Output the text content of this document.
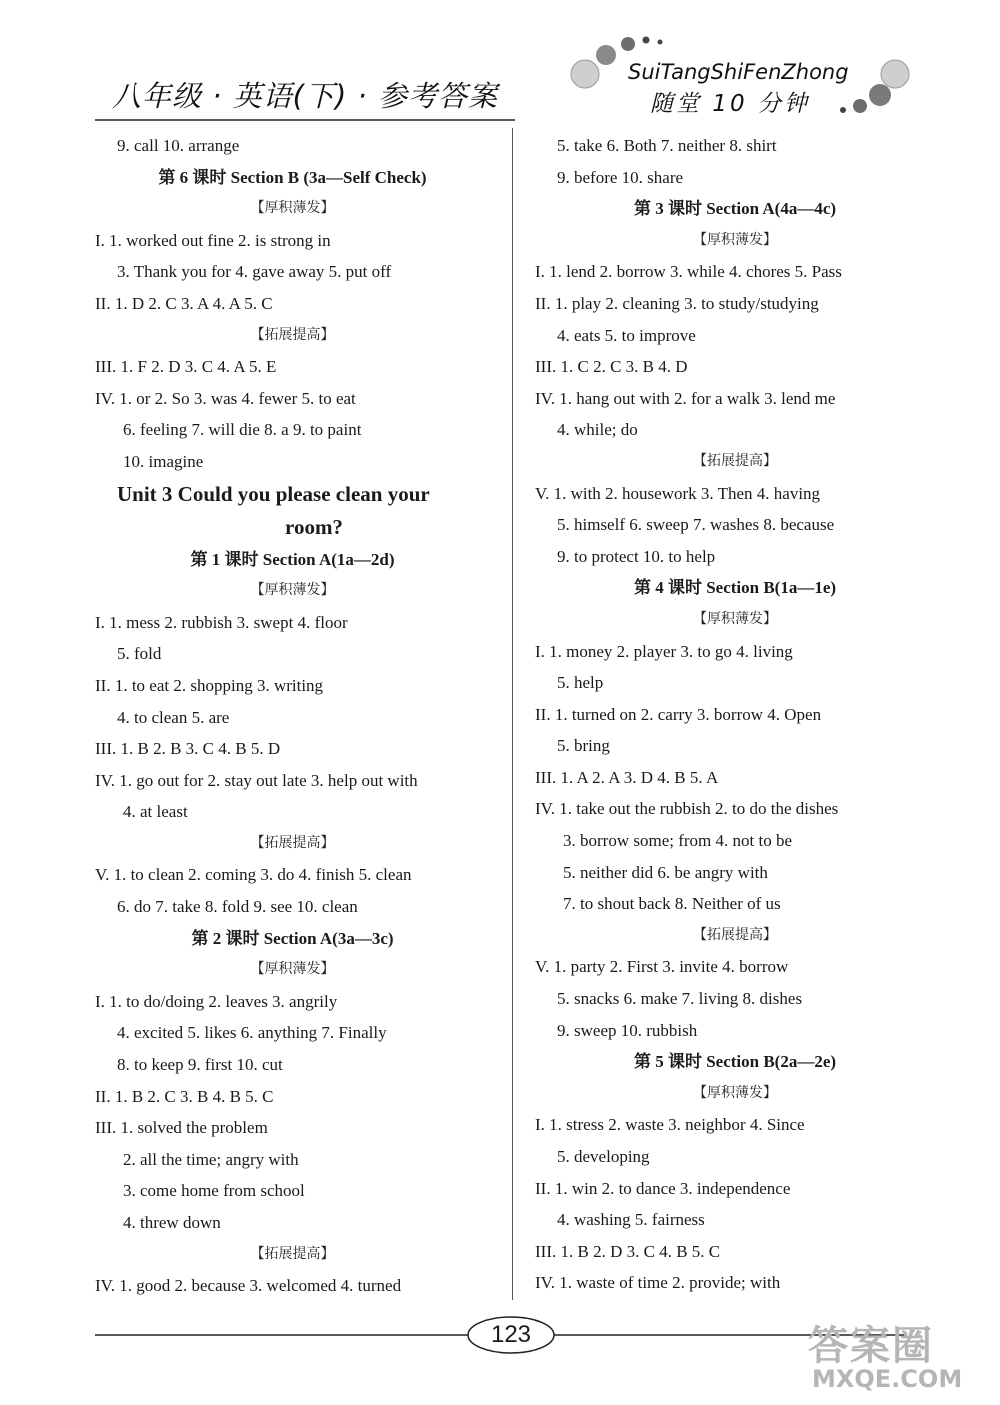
八年级 · 英语(下) · 参考答案
SuiTangShiFenZhong
随堂 10 分钟
9. call 10. arrange
第 6 课时 Section B (3a—Self Check)
【厚积薄发】
I. 1. worked out fine 2. is strong in
3. Thank you for 4. gave away 5. put off
II. 1. D 2. C 3. A 4. A 5. C
【拓展提高】
III. 1. F 2. D 3. C 4. A 5. E
IV. 1. or 2. So 3. was 4. fewer 5. to eat
6. feeling 7. will die 8. a 9. to paint
10. imagine
Unit 3 Could you please clean your
room?
第 1 课时 Section A(1a—2d)
【厚积薄发】
I. 1. mess 2. rubbish 3. swept 4. floor
5. fold
II. 1. to eat 2. shopping 3. writing
4. to clean 5. are
III. 1. B 2. B 3. C 4. B 5. D
IV. 1. go out for 2. stay out late 3. help out with
4. at least
【拓展提高】
V. 1. to clean 2. coming 3. do 4. finish 5. clean
6. do 7. take 8. fold 9. see 10. clean
第 2 课时 Section A(3a—3c)
【厚积薄发】
I. 1. to do/doing 2. leaves 3. angrily
4. excited 5. likes 6. anything 7. Finally
8. to keep 9. first 10. cut
II. 1. B 2. C 3. B 4. B 5. C
III. 1. solved the problem
2. all the time; angry with
3. come home from school
4. threw down
【拓展提高】
IV. 1. good 2. because 3. welcomed 4. turned
5. take 6. Both 7. neither 8. shirt
9. before 10. share
第 3 课时 Section A(4a—4c)
【厚积薄发】
I. 1. lend 2. borrow 3. while 4. chores 5. Pass
II. 1. play 2. cleaning 3. to study/studying
4. eats 5. to improve
III. 1. C 2. C 3. B 4. D
IV. 1. hang out with 2. for a walk 3. lend me
4. while; do
【拓展提高】
V. 1. with 2. housework 3. Then 4. having
5. himself 6. sweep 7. washes 8. because
9. to protect 10. to help
第 4 课时 Section B(1a—1e)
【厚积薄发】
I. 1. money 2. player 3. to go 4. living
5. help
II. 1. turned on 2. carry 3. borrow 4. Open
5. bring
III. 1. A 2. A 3. D 4. B 5. A
IV. 1. take out the rubbish 2. to do the dishes
3. borrow some; from 4. not to be
5. neither did 6. be angry with
7. to shout back 8. Neither of us
【拓展提高】
V. 1. party 2. First 3. invite 4. borrow
5. snacks 6. make 7. living 8. dishes
9. sweep 10. rubbish
第 5 课时 Section B(2a—2e)
【厚积薄发】
I. 1. stress 2. waste 3. neighbor 4. Since
5. developing
II. 1. win 2. to dance 3. independence
4. washing 5. fairness
III. 1. B 2. D 3. C 4. B 5. C
IV. 1. waste of time 2. provide; with
123	答案圈
MXQE.COM
